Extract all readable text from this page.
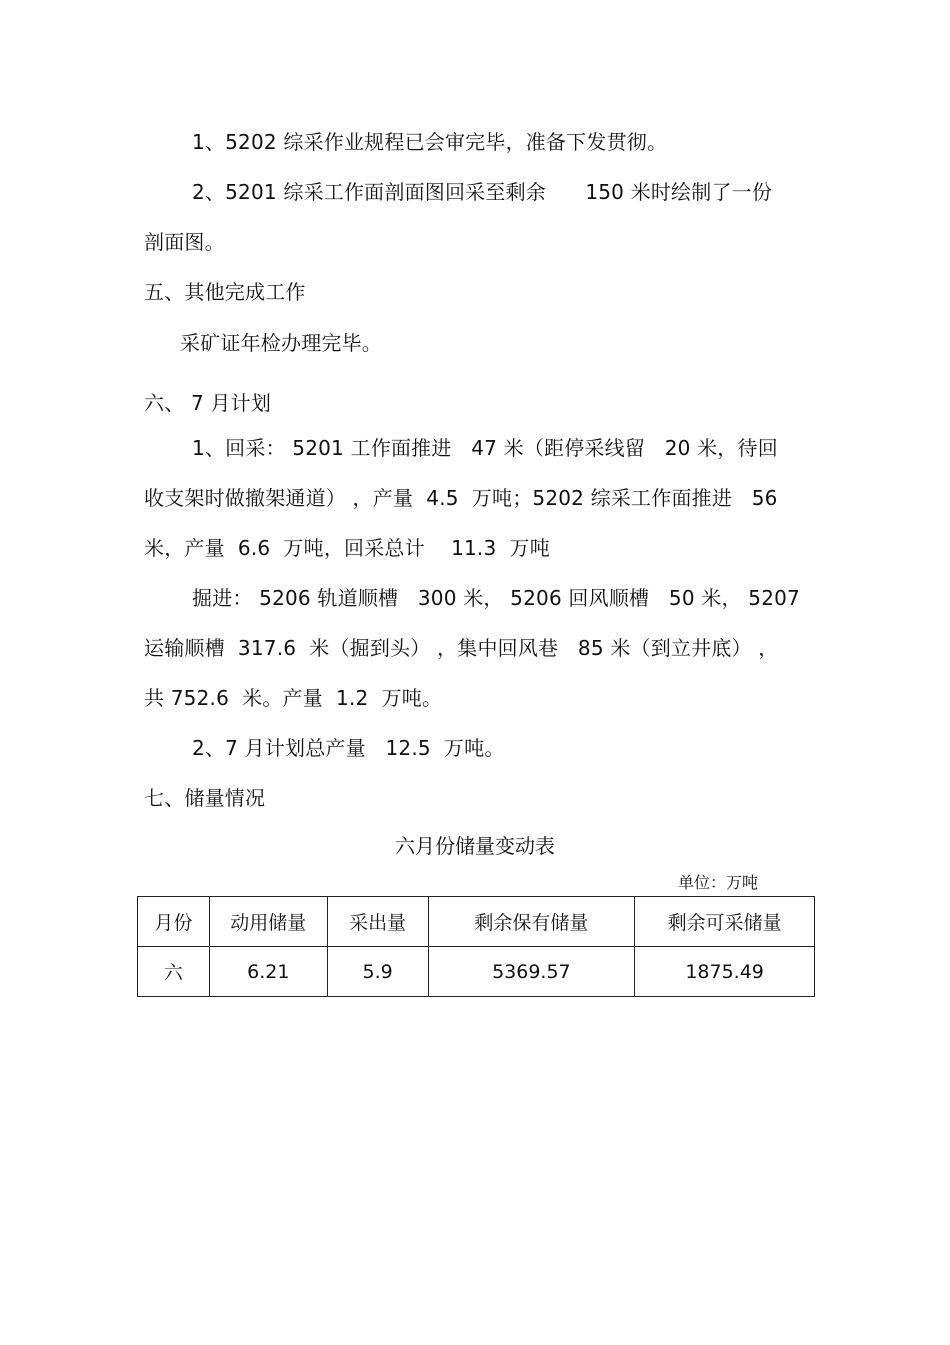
1、5202 综采作业规程已会审完毕，准备下发贯彻。
2、5201 综采工作面剖面图回采至剩余      150 米时绘制了一份
剖面图。
五、其他完成工作
采矿证年检办理完毕。
六、 7 月计划
1、回采： 5201 工作面推进   47 米（距停采线留   20 米，待回
收支架时做撤架通道） ，产量  4.5  万吨；5202 综采工作面推进   56
米，产量  6.6  万吨，回采总计    11.3  万吨
掘进： 5206 轨道顺槽   300 米， 5206 回风顺槽   50 米， 5207
运输顺槽  317.6  米（掘到头） ，集中回风巷   85 米（到立井底） ，
共 752.6  米。产量  1.2  万吨。
2、7 月计划总产量   12.5  万吨。
七、储量情况
六月份储量变动表
单位：万吨
月份	动用储量	采出量	剩余保有储量	剩余可采储量
六	6.21	5.9	5369.57	1875.49
